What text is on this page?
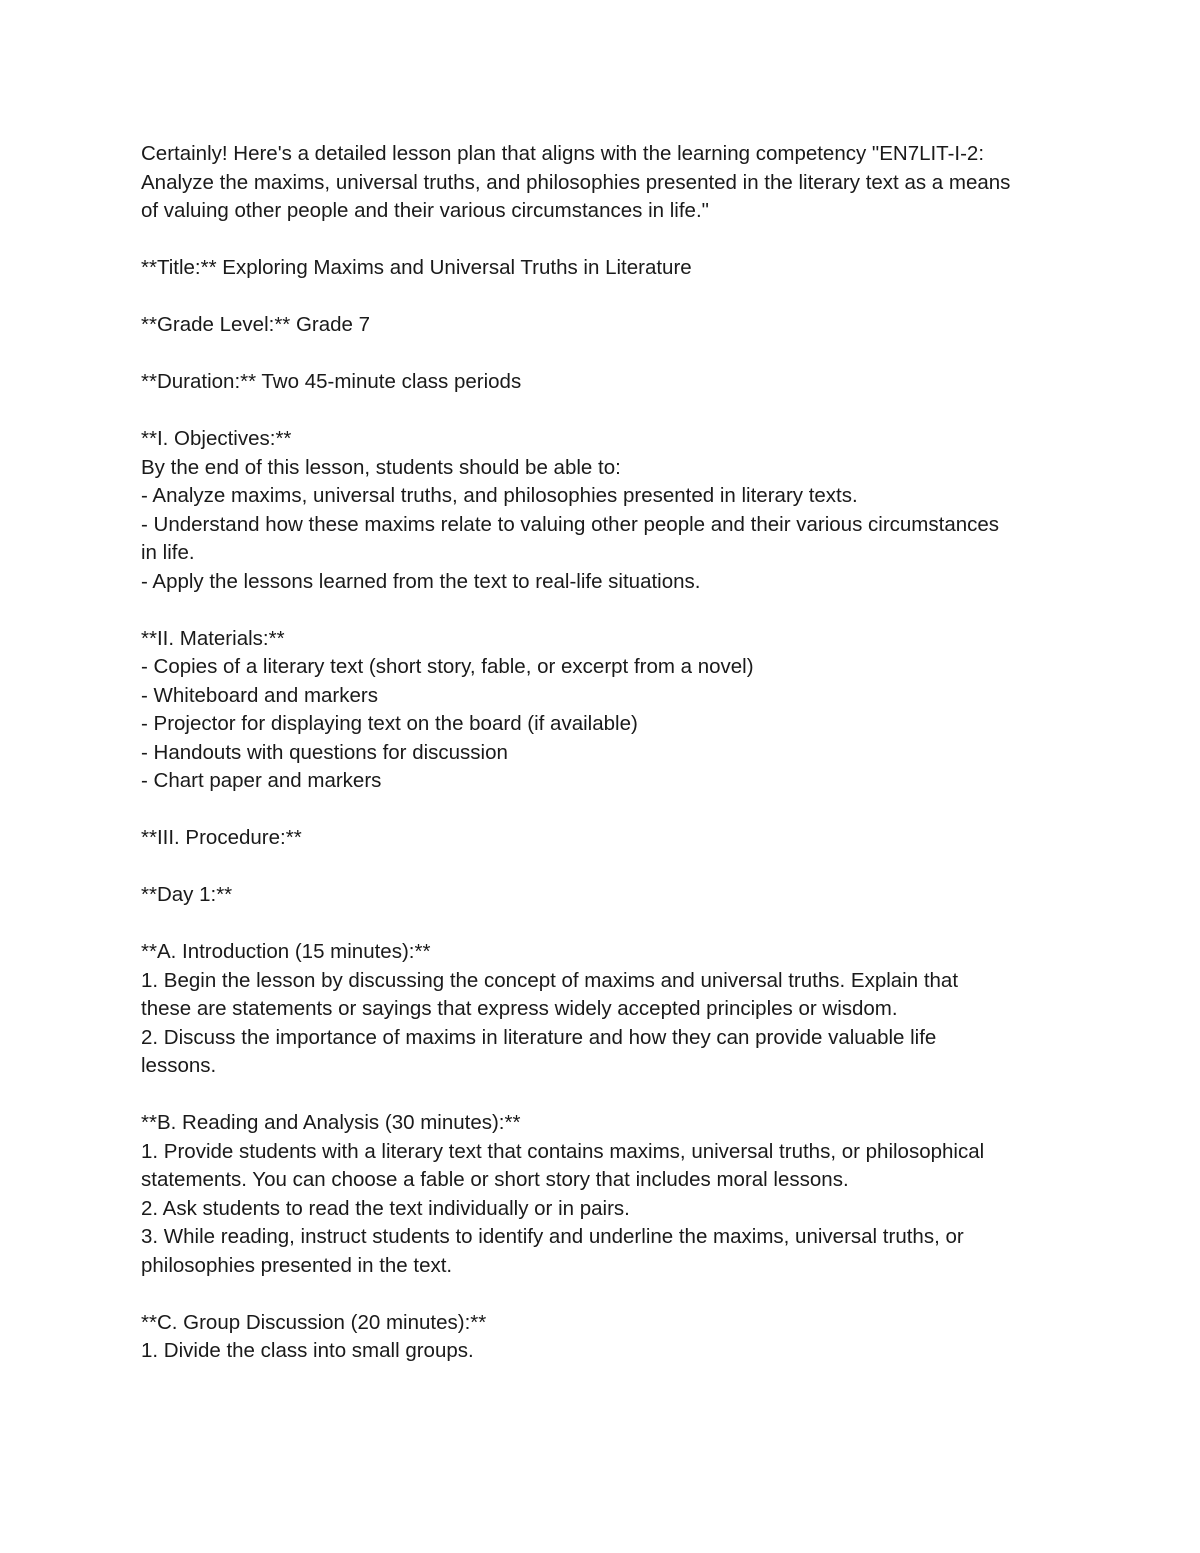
Certainly! Here's a detailed lesson plan that aligns with the learning competency "EN7LIT-I-2:
Analyze the maxims, universal truths, and philosophies presented in the literary text as a means
of valuing other people and their various circumstances in life."
**Title:** Exploring Maxims and Universal Truths in Literature
**Grade Level:** Grade 7
**Duration:** Two 45-minute class periods
**I. Objectives:**
By the end of this lesson, students should be able to:
- Analyze maxims, universal truths, and philosophies presented in literary texts.
- Understand how these maxims relate to valuing other people and their various circumstances
in life.
- Apply the lessons learned from the text to real-life situations.
**II. Materials:**
- Copies of a literary text (short story, fable, or excerpt from a novel)
- Whiteboard and markers
- Projector for displaying text on the board (if available)
- Handouts with questions for discussion
- Chart paper and markers
**III. Procedure:**
**Day 1:**
**A. Introduction (15 minutes):**
1. Begin the lesson by discussing the concept of maxims and universal truths. Explain that
these are statements or sayings that express widely accepted principles or wisdom.
2. Discuss the importance of maxims in literature and how they can provide valuable life
lessons.
**B. Reading and Analysis (30 minutes):**
1. Provide students with a literary text that contains maxims, universal truths, or philosophical
statements. You can choose a fable or short story that includes moral lessons.
2. Ask students to read the text individually or in pairs.
3. While reading, instruct students to identify and underline the maxims, universal truths, or
philosophies presented in the text.
**C. Group Discussion (20 minutes):**
1. Divide the class into small groups.
